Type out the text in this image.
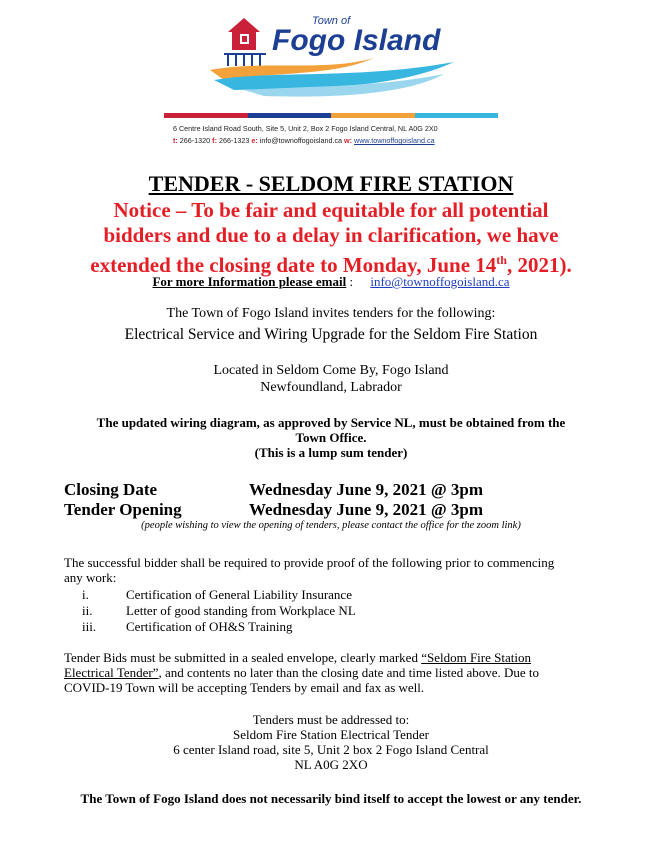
Town of
Fogo Island
6 Centre Island Road South, Site 5, Unit 2, Box 2 Fogo Island Central, NL A0G 2X0
t: 266-1320 f: 266-1323 e: info@townoffogoisland.ca w: www.townoffogoisland.ca
TENDER - SELDOM FIRE STATION
Notice – To be fair and equitable for all potential
bidders and due to a delay in clarification, we have
extended the closing date to Monday, June 14th, 2021).
For more Information please email : info@townoffogoisland.ca
The Town of Fogo Island invites tenders for the following:
Electrical Service and Wiring Upgrade for the Seldom Fire Station
Located in Seldom Come By, Fogo Island
Newfoundland, Labrador
The updated wiring diagram, as approved by Service NL, must be obtained from the
Town Office.
(This is a lump sum tender)
Closing Date	Wednesday June 9, 2021 @ 3pm
Tender Opening	Wednesday June 9, 2021 @ 3pm
(people wishing to view the opening of tenders, please contact the office for the zoom link)
The successful bidder shall be required to provide proof of the following prior to commencing
any work:
i.	Certification of General Liability Insurance
ii.	Letter of good standing from Workplace NL
iii. Certification of OH&S Training
Tender Bids must be submitted in a sealed envelope, clearly marked “Seldom Fire Station
Electrical Tender”, and contents no later than the closing date and time listed above. Due to
COVID-19 Town will be accepting Tenders by email and fax as well.
Tenders must be addressed to:
Seldom Fire Station Electrical Tender
6 center Island road, site 5, Unit 2 box 2 Fogo Island Central
NL A0G 2XO
The Town of Fogo Island does not necessarily bind itself to accept the lowest or any tender.
